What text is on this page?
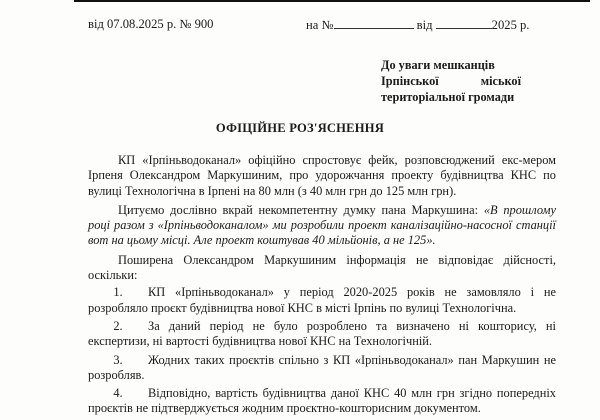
від 07.08.2025 р. № 900	на №	від	2025 р.
До уваги мешканців
Ірпінської	міської
територіальної громади
ОФІЦІЙНЕ РОЗ'ЯСНЕННЯ

КП «Ірпіньводоканал» офіційно спростовує фейк, розповсюджений екс-мером Ірпеня Олександром Маркушиним, про удорожчання проекту будівництва КНС по вулиці Технологічна в Ірпені на 80 млн (з 40 млн грн до 125 млн грн).

Цитуємо дослівно вкрай некомпетентну думку пана Маркушина: «В прошлому році разом з «Ірпіньводоканалом» ми розробили проект каналізаційно-насосної станції вот на цьому місці. Але проект коштував 40 мільйонів, а не 125».

Поширена Олександром Маркушиним інформація не відповідає дійсності, оскільки:

1. КП «Ірпіньводоканал» у період 2020-2025 років не замовляло і не розробляло проєкт будівництва нової КНС в місті Ірпінь по вулиці Технологічна.

2. За даний період не було розроблено та визначено ні кошторису, ні експертизи, ні вартості будівництва нової КНС на Технологічній.

3. Жодних таких проєктів спільно з КП «Ірпіньводоканал» пан Маркушин не розробляв.

4. Відповідно, вартість будівництва даної КНС 40 млн грн згідно попередніх проєктів не підтверджується жодним проєктно-кошторисним документом.
